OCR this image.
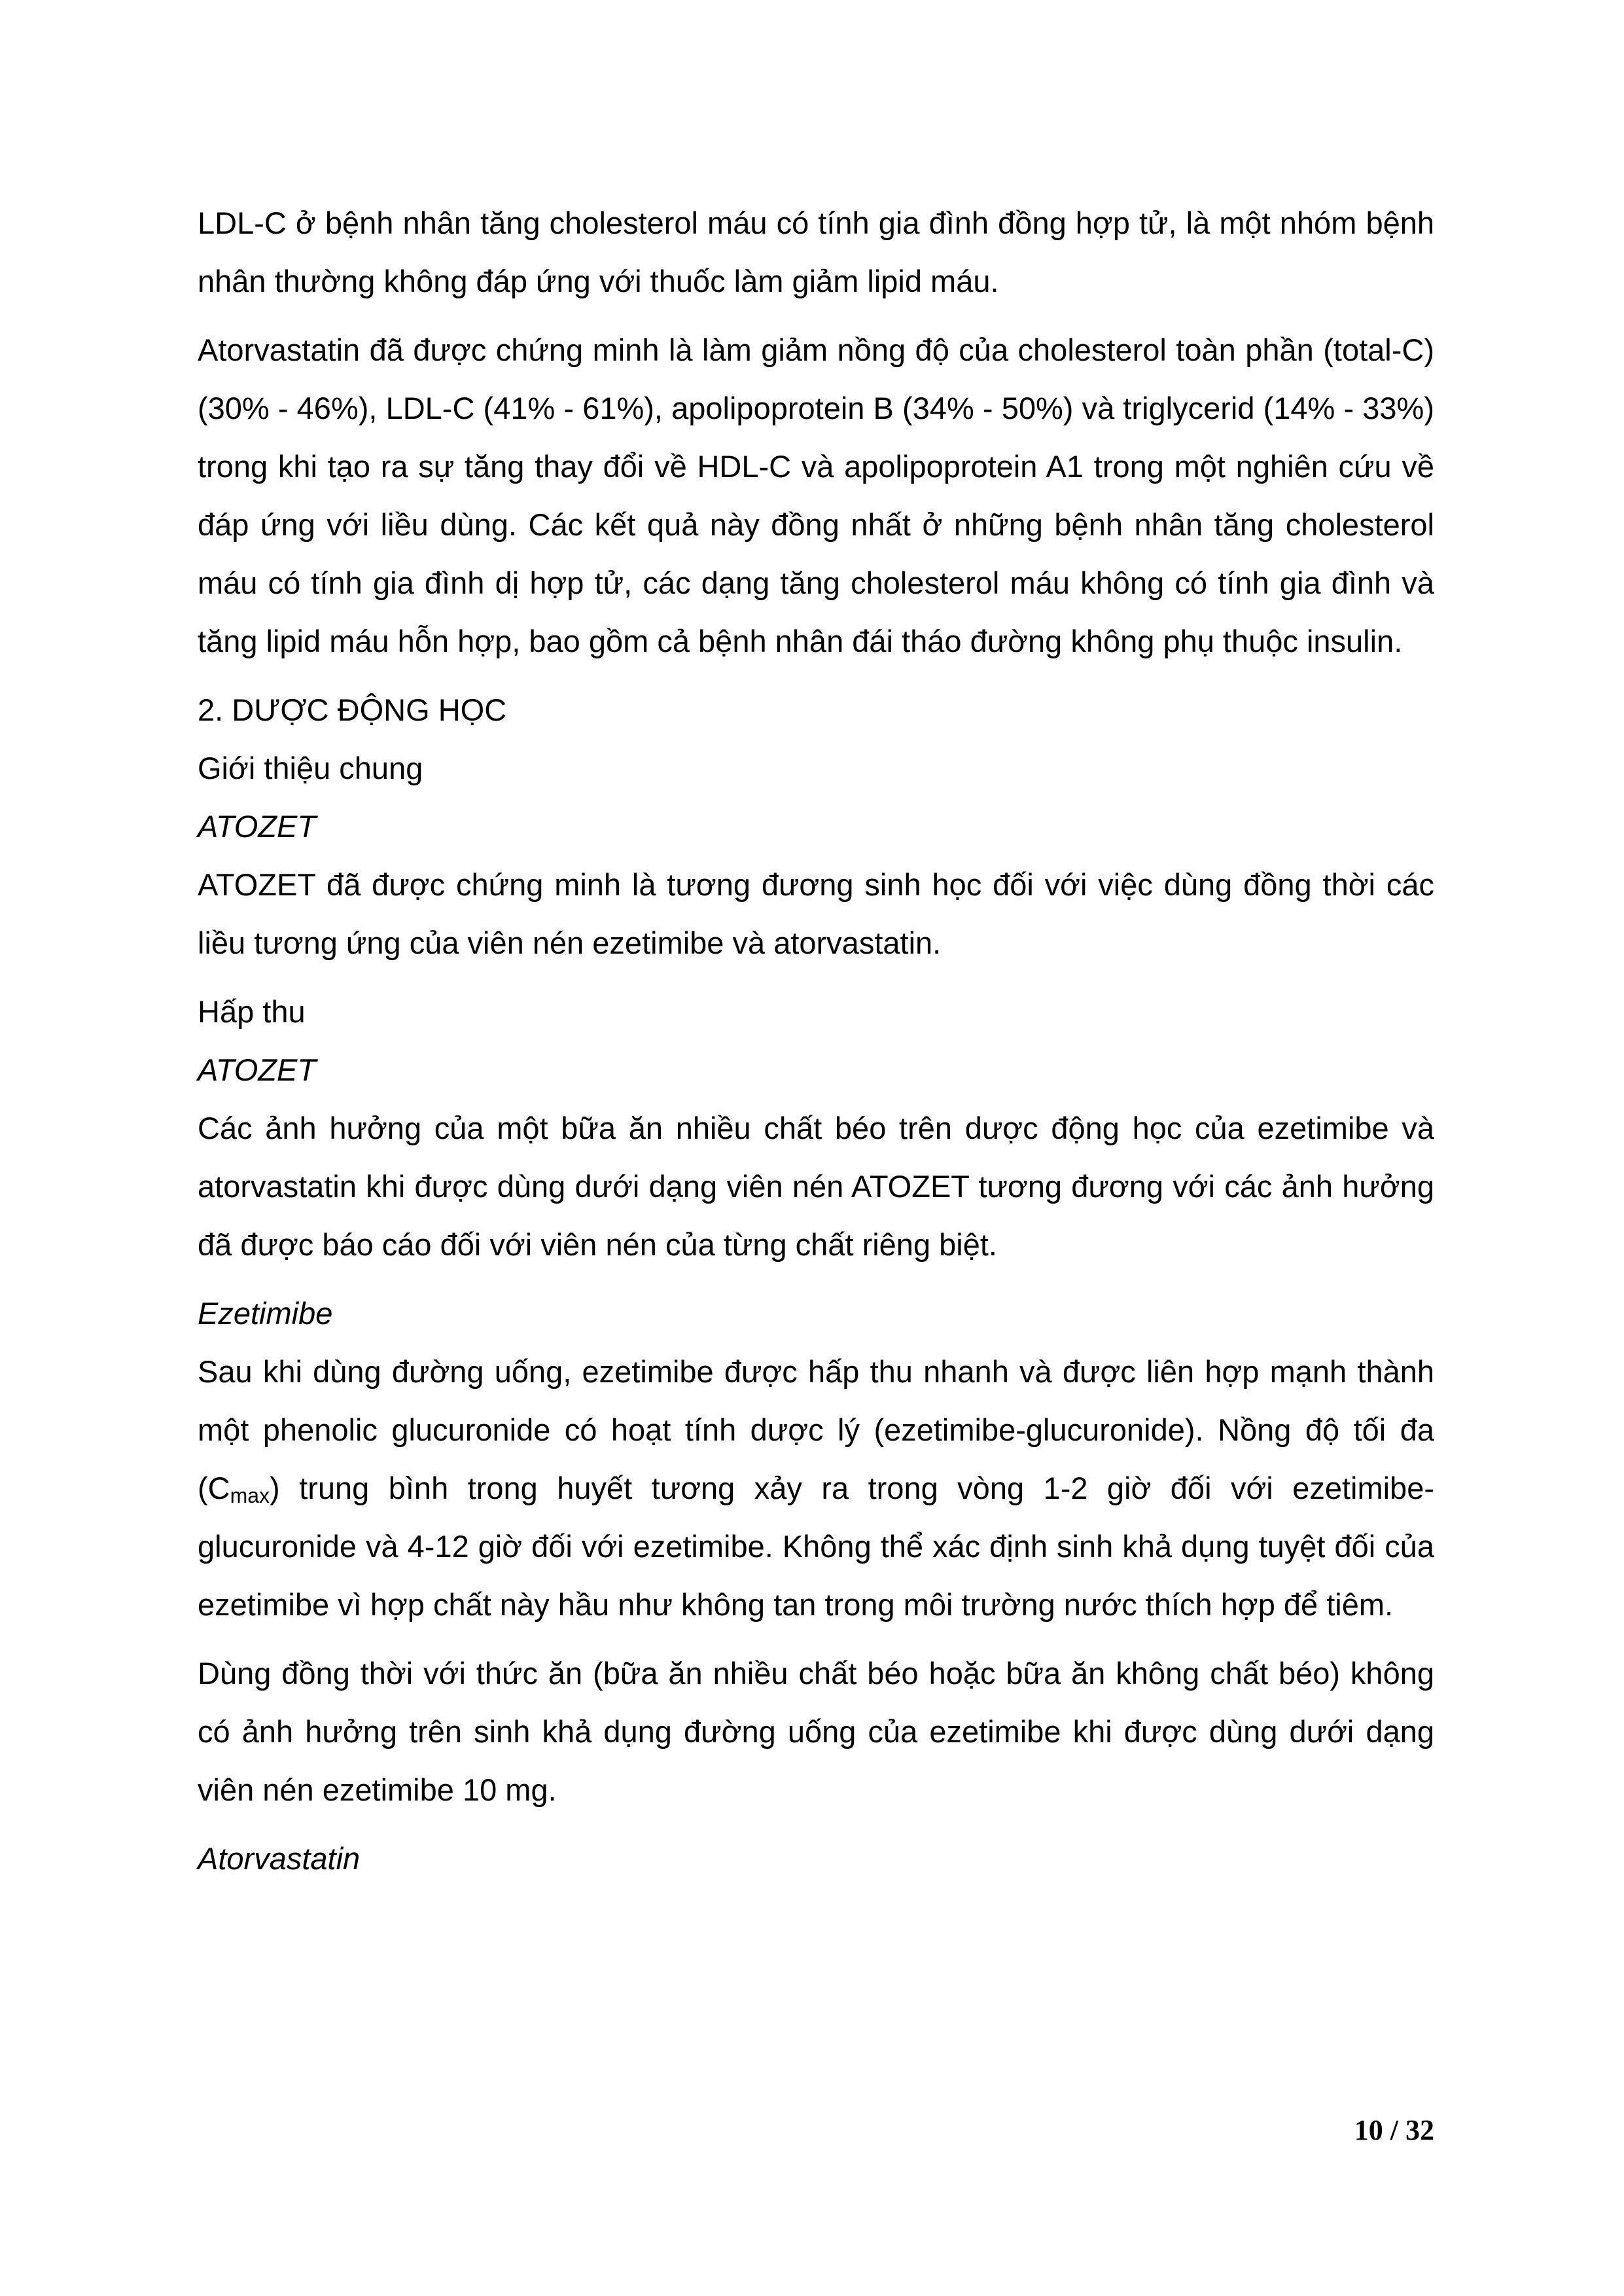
LDL-C ở bệnh nhân tăng cholesterol máu có tính gia đình đồng hợp tử, là một nhóm bệnh nhân thường không đáp ứng với thuốc làm giảm lipid máu.

Atorvastatin đã được chứng minh là làm giảm nồng độ của cholesterol toàn phần (total-C) (30% - 46%), LDL-C (41% - 61%), apolipoprotein B (34% - 50%) và triglycerid (14% - 33%) trong khi tạo ra sự tăng thay đổi về HDL-C và apolipoprotein A1 trong một nghiên cứu về đáp ứng với liều dùng. Các kết quả này đồng nhất ở những bệnh nhân tăng cholesterol máu có tính gia đình dị hợp tử, các dạng tăng cholesterol máu không có tính gia đình và tăng lipid máu hỗn hợp, bao gồm cả bệnh nhân đái tháo đường không phụ thuộc insulin.

2. DƯỢC ĐỘNG HỌC

Giới thiệu chung

ATOZET

ATOZET đã được chứng minh là tương đương sinh học đối với việc dùng đồng thời các liều tương ứng của viên nén ezetimibe và atorvastatin.

Hấp thu

ATOZET

Các ảnh hưởng của một bữa ăn nhiều chất béo trên dược động học của ezetimibe và atorvastatin khi được dùng dưới dạng viên nén ATOZET tương đương với các ảnh hưởng đã được báo cáo đối với viên nén của từng chất riêng biệt.

Ezetimibe

Sau khi dùng đường uống, ezetimibe được hấp thu nhanh và được liên hợp mạnh thành một phenolic glucuronide có hoạt tính dược lý (ezetimibe-glucuronide). Nồng độ tối đa $(C_{max})$ trung bình trong huyết tương xảy ra trong vòng 1-2 giờ đối với ezetimibe-glucuronide và 4-12 giờ đối với ezetimibe. Không thể xác định sinh khả dụng tuyệt đối của ezetimibe vì hợp chất này hầu như không tan trong môi trường nước thích hợp để tiêm.

Dùng đồng thời với thức ăn (bữa ăn nhiều chất béo hoặc bữa ăn không chất béo) không có ảnh hưởng trên sinh khả dụng đường uống của ezetimibe khi được dùng dưới dạng viên nén ezetimibe 10 mg.

Atorvastatin

10 / 32
